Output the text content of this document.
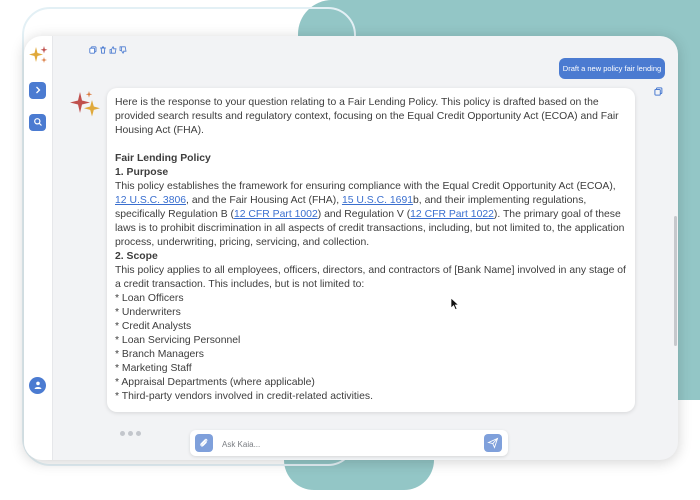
Draft a new policy fair lending

Here is the response to your question relating to a Fair Lending Policy. This policy is drafted based on the provided search results and regulatory context, focusing on the Equal Credit Opportunity Act (ECOA) and Fair Housing Act (FHA).

Fair Lending Policy

1. Purpose

This policy establishes the framework for ensuring compliance with the Equal Credit Opportunity Act (ECOA), 12 U.S.C. 3806, and the Fair Housing Act (FHA), 15 U.S.C. 1691b, and their implementing regulations, specifically Regulation B (12 CFR Part 1002) and Regulation V (12 CFR Part 1022). The primary goal of these laws is to prohibit discrimination in all aspects of credit transactions, including, but not limited to, the application process, underwriting, pricing, servicing, and collection.

2. Scope

This policy applies to all employees, officers, directors, and contractors of [Bank Name] involved in any stage of a credit transaction. This includes, but is not limited to:

* Loan Officers

* Underwriters

* Credit Analysts

* Loan Servicing Personnel

* Branch Managers

* Marketing Staff

* Appraisal Departments (where applicable)

* Third-party vendors involved in credit-related activities.

Ask Kaia...
